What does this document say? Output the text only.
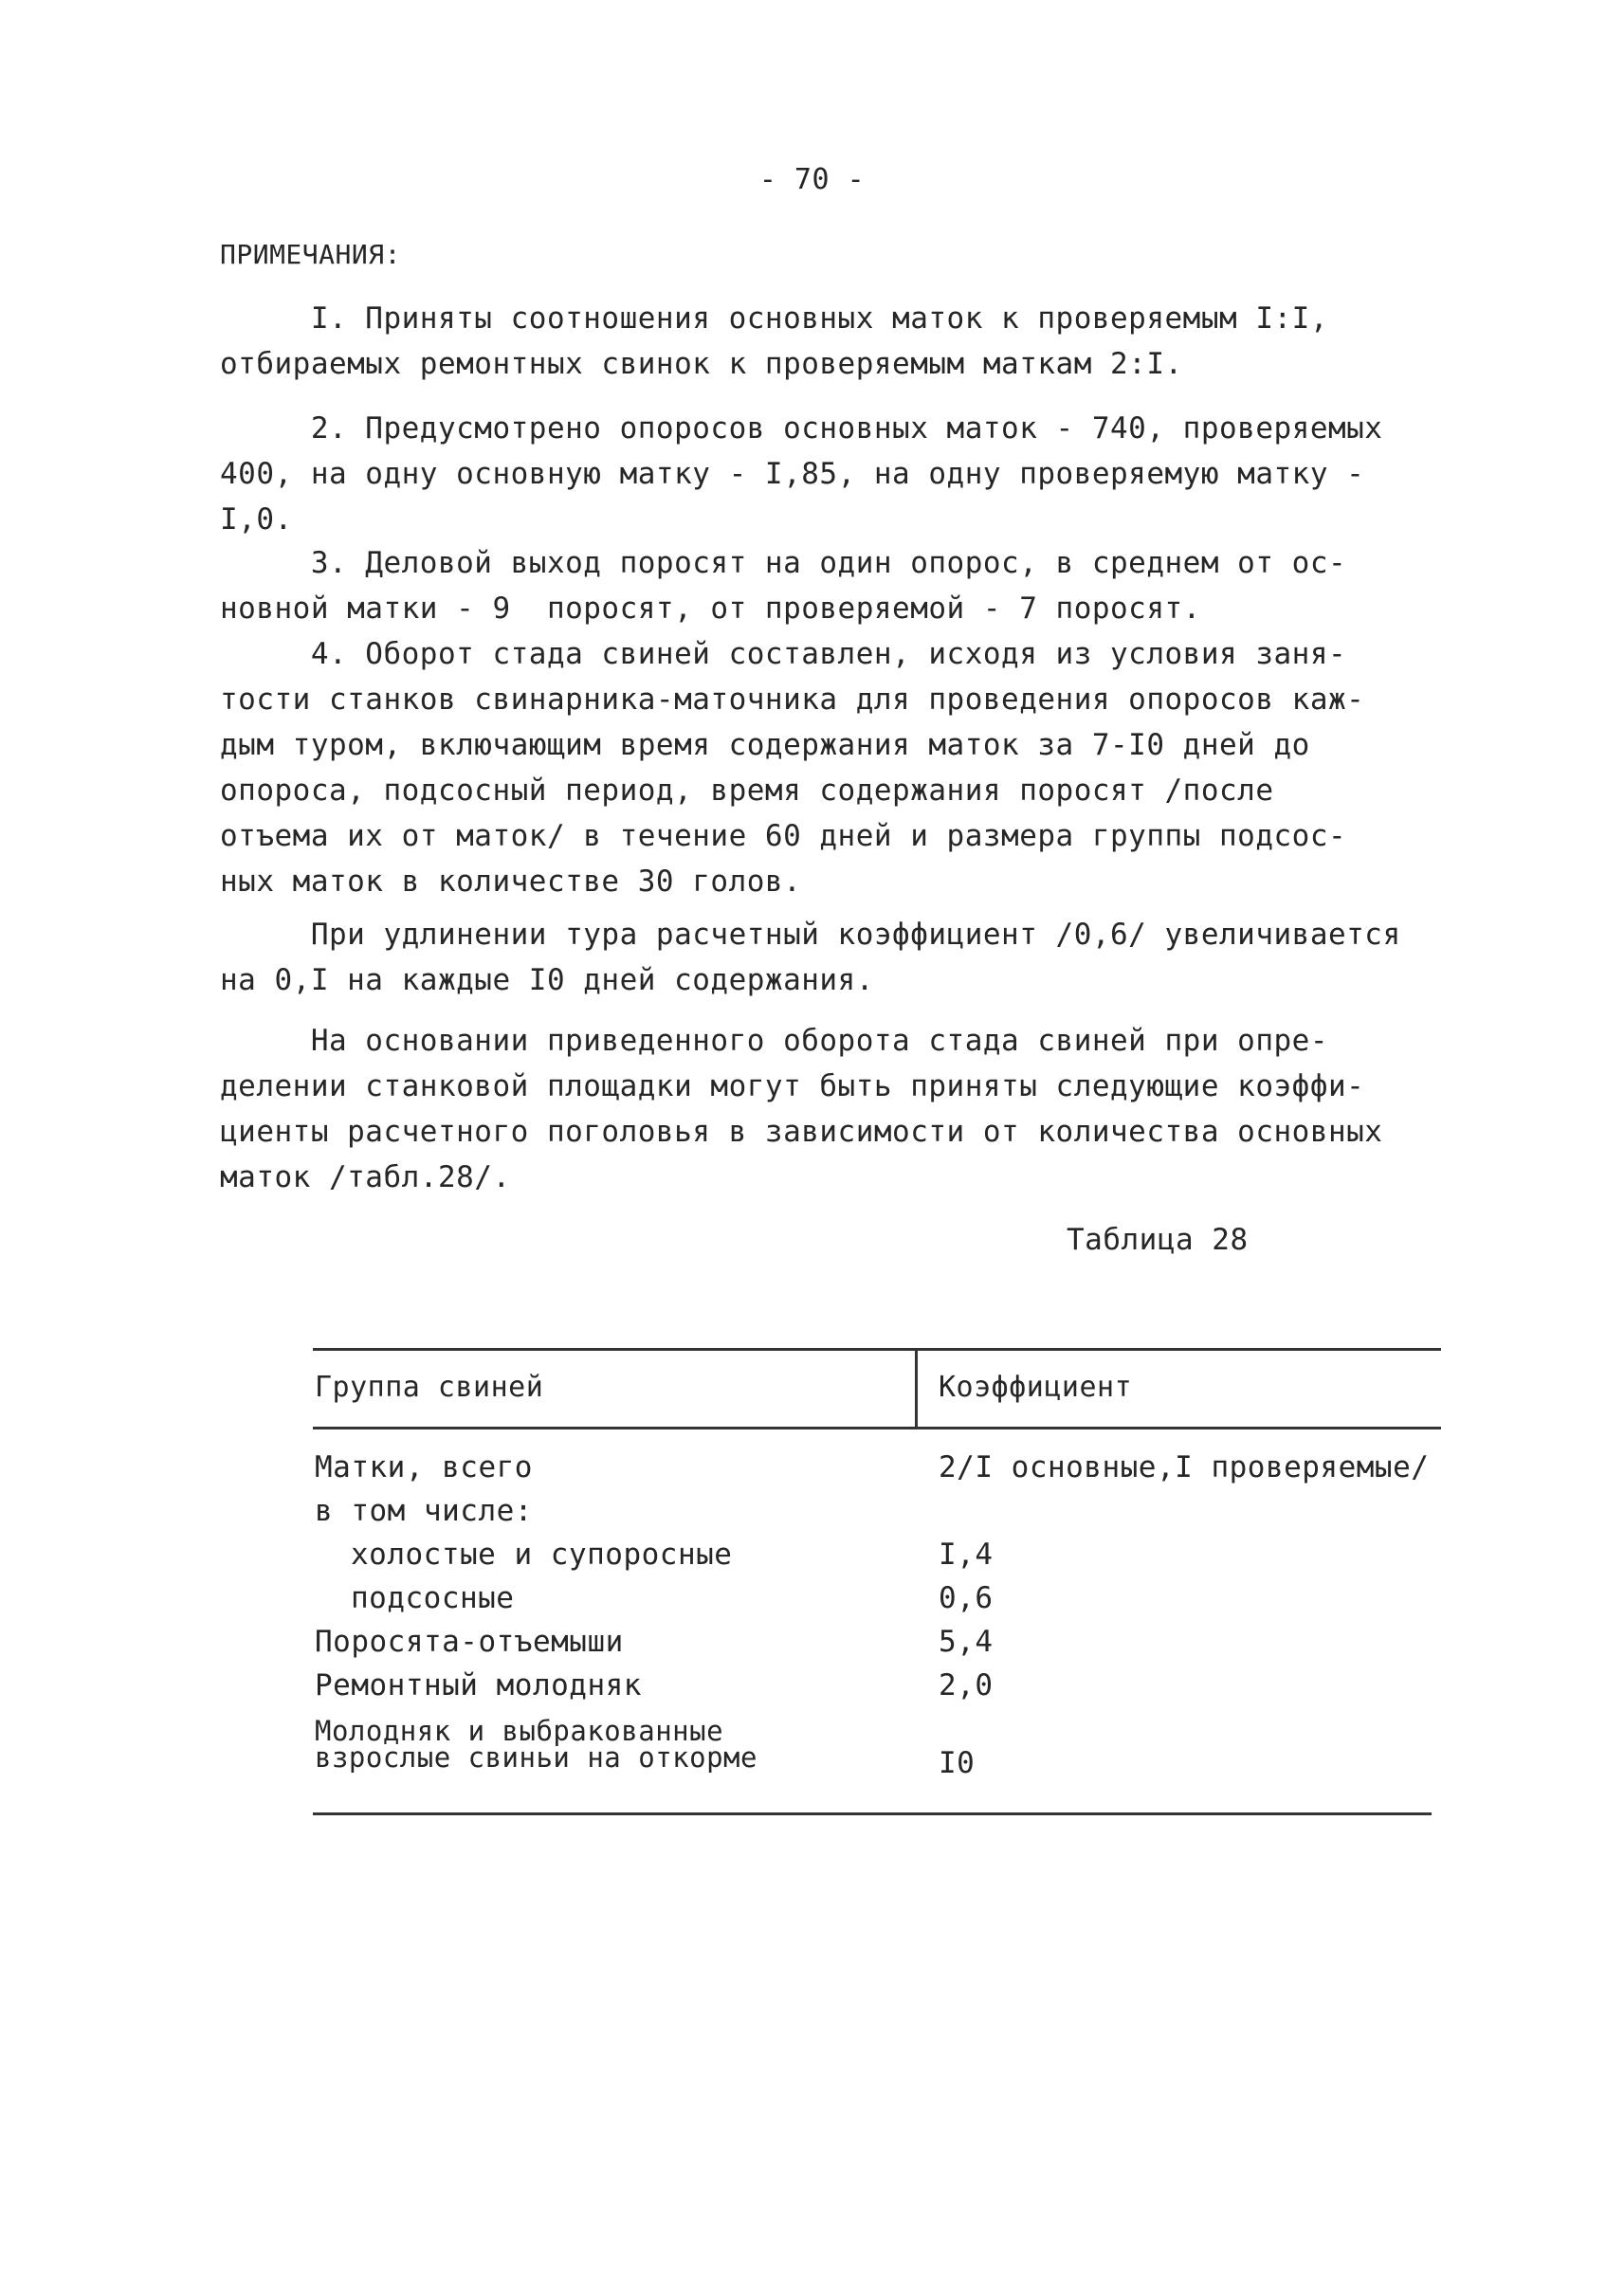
- 70 -
ПРИМЕЧАНИЯ:

I. Приняты соотношения основных маток к проверяемым I:I,
отбираемых ремонтных свинок к проверяемым маткам 2:I.

2. Предусмотрено опоросов основных маток - 740, проверяемых
400, на одну основную матку - I,85, на одну проверяемую матку -
I,0.

3. Деловой выход поросят на один опорос, в среднем от ос-
новной матки - 9  поросят, от проверяемой - 7 поросят.

4. Оборот стада свиней составлен, исходя из условия заня-
тости станков свинарника-маточника для проведения опоросов каж-
дым туром, включающим время содержания маток за 7-I0 дней до
опороса, подсосный период, время содержания поросят /после
отъема их от маток/ в течение 60 дней и размера группы подсос-
ных маток в количестве 30 голов.

При удлинении тура расчетный коэффициент /0,6/ увеличивается
на 0,I на каждые I0 дней содержания.

На основании приведенного оборота стада свиней при опре-
делении станковой площадки могут быть приняты следующие коэффи-
циенты расчетного поголовья в зависимости от количества основных
маток /табл.28/.

Таблица 28
Группа свиней	Коэффициент
Матки, всего	2/I основные,I проверяемые/
в том числе:
холостые и супоросные	I,4
подсосные	0,6
Поросята-отъемыши	5,4
Ремонтный молодняк	2,0
Молодняк и выбракованные
взрослые свиньи на откорме	I0
